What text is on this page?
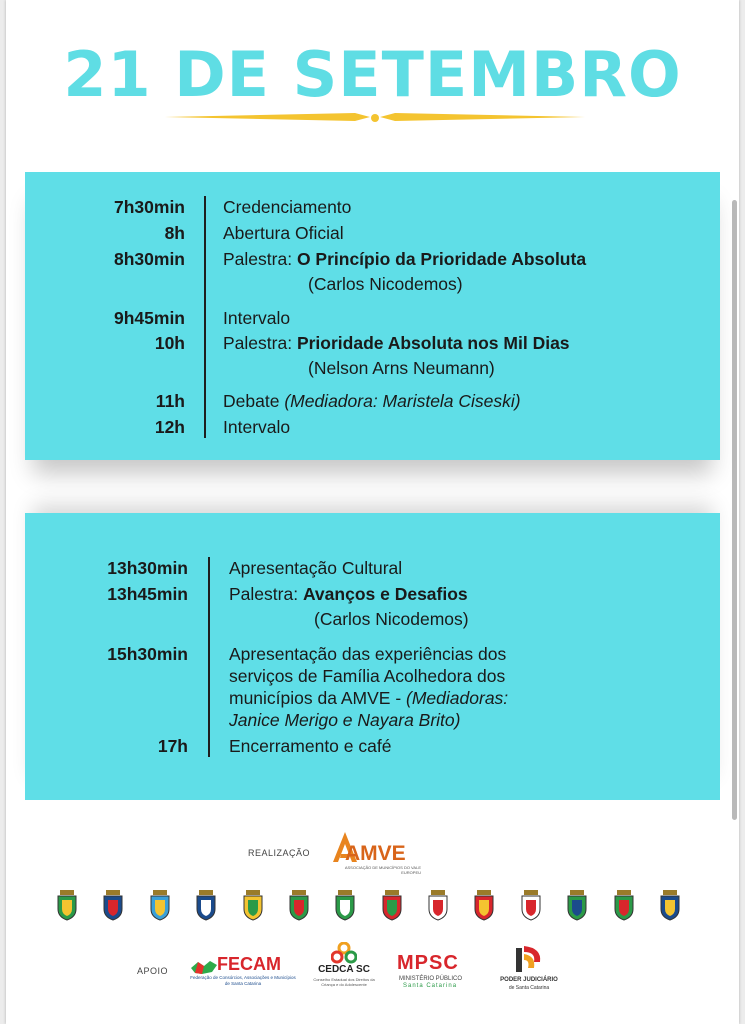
21 DE SETEMBRO
7h30min Credenciamento
8h Abertura Oficial
8h30min Palestra: O Princípio da Prioridade Absoluta
(Carlos Nicodemos)
9h45min Intervalo
10h Palestra: Prioridade Absoluta nos Mil Dias
(Nelson Arns Neumann)
11h Debate (Mediadora: Maristela Ciseski)
12h Intervalo
13h30min Apresentação Cultural
13h45min Palestra: Avanços e Desafios
(Carlos Nicodemos)
15h30min Apresentação das experiências dos
serviços de Família Acolhedora dos
municípios da AMVE - (Mediadoras:
Janice Merigo e Nayara Brito)
17h Encerramento e café
REALIZAÇÃO AMVE
ASSOCIAÇÃO DE MUNICÍPIOS DO VALE EUROPEU
APOIO	FECAM
Federação de Consórcios, Associações e Municípios de Santa Catarina
CEDCA SC
Conselho Estadual dos Direitos da Criança e do Adolescente
MPSC
MINISTÉRIO PÚBLICO
Santa Catarina
PODER JUDICIÁRIO
de Santa Catarina
